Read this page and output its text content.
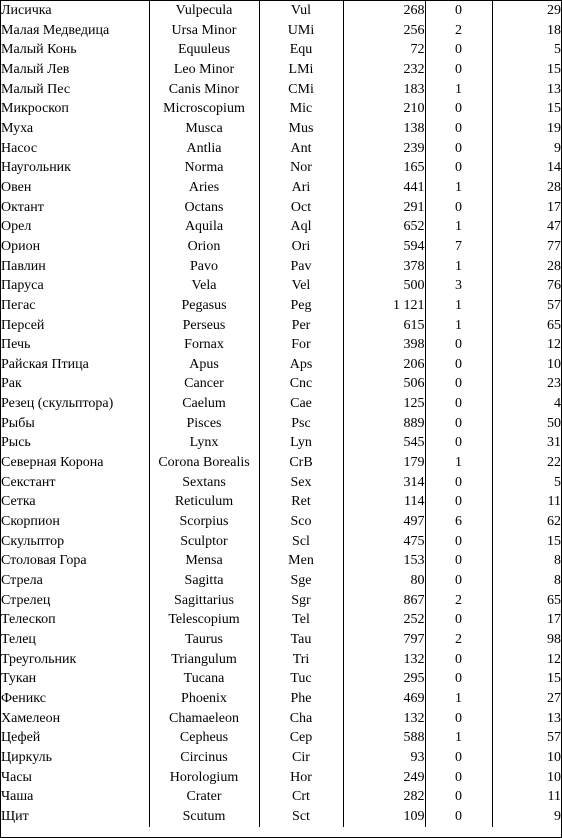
Лисичка	Vulpecula	Vul	268	0	29
Малая Медведица	Ursa Minor	UMi	256	2	18
Малый Конь	Equuleus	Equ	72	0	5
Малый Лев	Leo Minor	LMi	232	0	15
Малый Пес	Canis Minor	CMi	183	1	13
Микроскоп	Microscopium	Mic	210	0	15
Муха	Musca	Mus	138	0	19
Насос	Antlia	Ant	239	0	9
Наугольник	Norma	Nor	165	0	14
Овен	Aries	Ari	441	1	28
Октант	Octans	Oct	291	0	17
Орел	Aquila	Aql	652	1	47
Орион	Orion	Ori	594	7	77
Павлин	Pavo	Pav	378	1	28
Паруса	Vela	Vel	500	3	76
Пегас	Pegasus	Peg	1 121	1	57
Персей	Perseus	Per	615	1	65
Печь	Fornax	For	398	0	12
Райская Птица	Apus	Aps	206	0	10
Рак	Cancer	Cnc	506	0	23
Резец (скульптора)	Caelum	Cae	125	0	4
Рыбы	Pisces	Psc	889	0	50
Рысь	Lynx	Lyn	545	0	31
Северная Корона	Corona Borealis	CrB	179	1	22
Секстант	Sextans	Sex	314	0	5
Сетка	Reticulum	Ret	114	0	11
Скорпион	Scorpius	Sco	497	6	62
Скульптор	Sculptor	Scl	475	0	15
Столовая Гора	Mensa	Men	153	0	8
Стрела	Sagitta	Sge	80	0	8
Стрелец	Sagittarius	Sgr	867	2	65
Телескоп	Telescopium	Tel	252	0	17
Телец	Taurus	Tau	797	2	98
Треугольник	Triangulum	Tri	132	0	12
Тукан	Tucana	Tuc	295	0	15
Феникс	Phoenix	Phe	469	1	27
Хамелеон	Chamaeleon	Cha	132	0	13
Цефей	Cepheus	Cep	588	1	57
Циркуль	Circinus	Cir	93	0	10
Часы	Horologium	Hor	249	0	10
Чаша	Crater	Crt	282	0	11
Щит	Scutum	Sct	109	0	9
